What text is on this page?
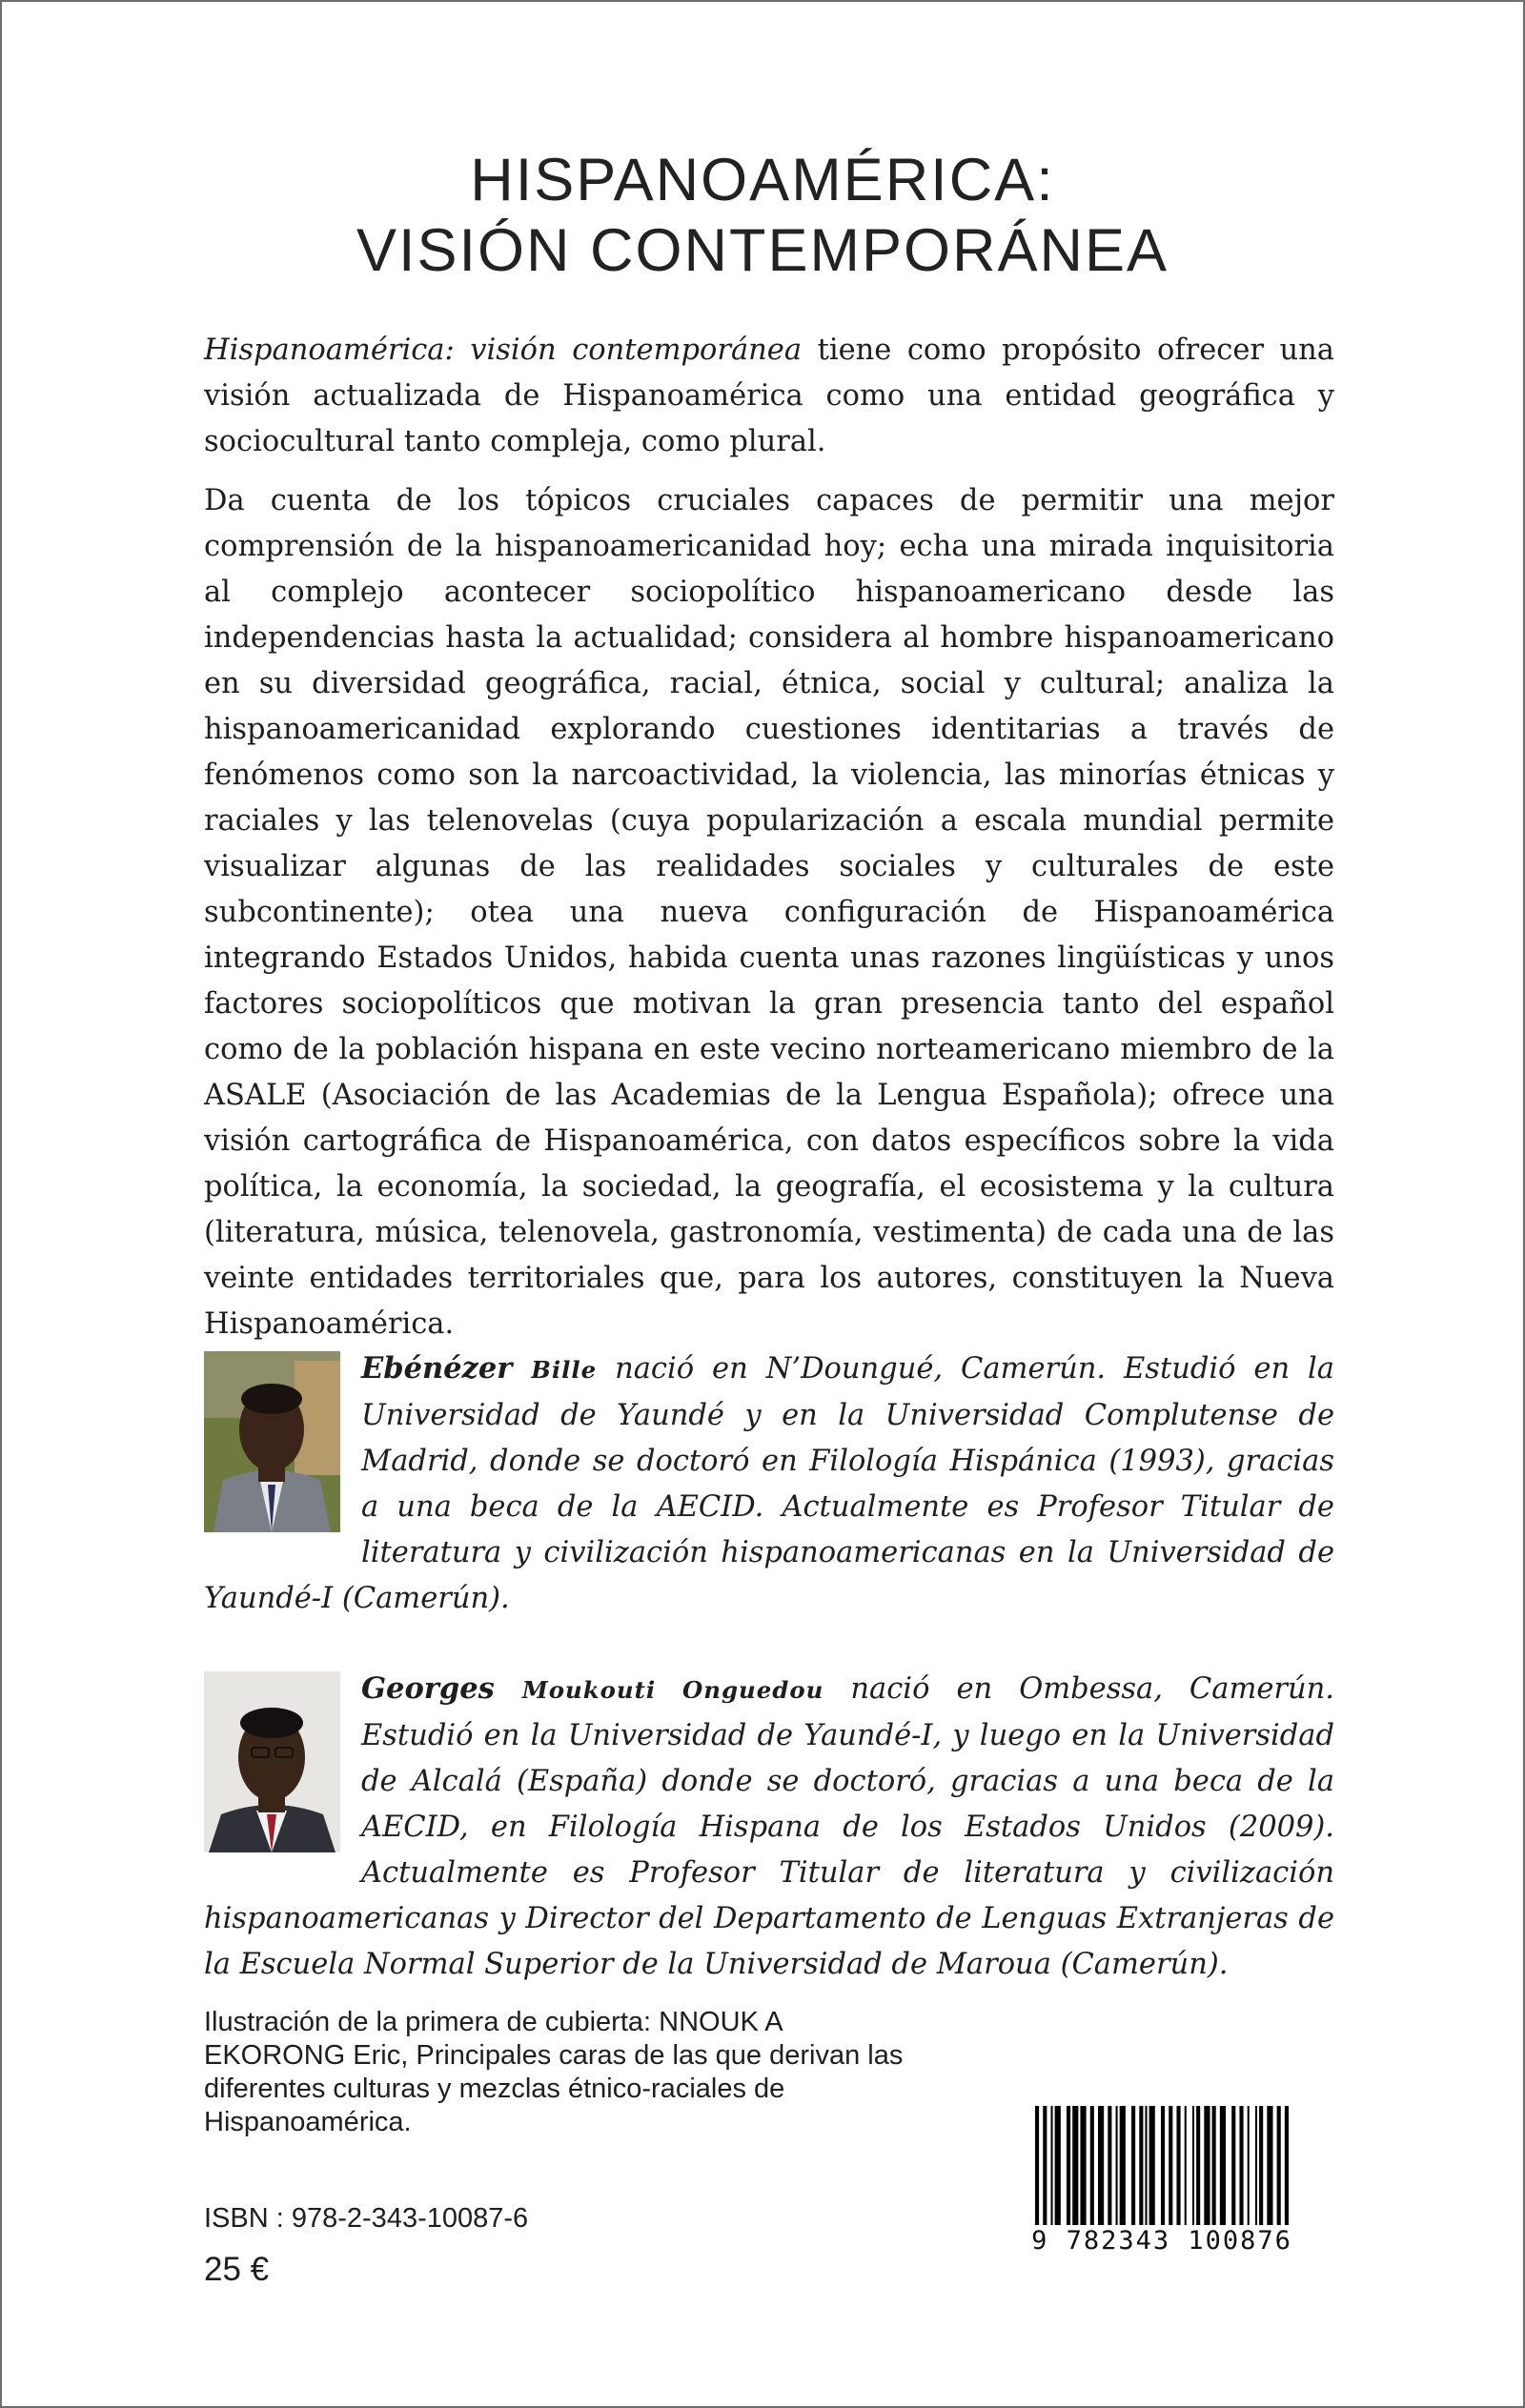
HISPANOAMÉRICA:
VISIÓN CONTEMPORÁNEA

Hispanoamérica: visión contemporánea tiene como propósito ofrecer una visión actualizada de Hispanoamérica como una entidad geográfica y sociocultural tanto compleja, como plural.

Da cuenta de los tópicos cruciales capaces de permitir una mejor comprensión de la hispanoamericanidad hoy; echa una mirada inquisitoria al complejo acontecer sociopolítico hispanoamericano desde las independencias hasta la actualidad; considera al hombre hispanoamericano en su diversidad geográfica, racial, étnica, social y cultural; analiza la hispanoamericanidad explorando cuestiones identitarias a través de fenómenos como son la narcoactividad, la violencia, las minorías étnicas y raciales y las telenovelas (cuya popularización a escala mundial permite visualizar algunas de las realidades sociales y culturales de este subcontinente); otea una nueva configuración de Hispanoamérica integrando Estados Unidos, habida cuenta unas razones lingüísticas y unos factores sociopolíticos que motivan la gran presencia tanto del español como de la población hispana en este vecino norteamericano miembro de la ASALE (Asociación de las Academias de la Lengua Española); ofrece una visión cartográfica de Hispanoamérica, con datos específicos sobre la vida política, la economía, la sociedad, la geografía, el ecosistema y la cultura (literatura, música, telenovela, gastronomía, vestimenta) de cada una de las veinte entidades territoriales que, para los autores, constituyen la Nueva Hispanoamérica.

Ebénézer Bille nació en N’Doungué, Camerún. Estudió en la Universidad de Yaundé y en la Universidad Complutense de Madrid, donde se doctoró en Filología Hispánica (1993), gracias a una beca de la AECID. Actualmente es Profesor Titular de literatura y civilización hispanoamericanas en la Universidad de Yaundé-I (Camerún).
Georges Moukouti Onguedou nació en Ombessa, Camerún. Estudió en la Universidad de Yaundé-I, y luego en la Universidad de Alcalá (España) donde se doctoró, gracias a una beca de la AECID, en Filología Hispana de los Estados Unidos (2009). Actualmente es Profesor Titular de literatura y civilización hispanoamericanas y Director del Departamento de Lenguas Extranjeras de la Escuela Normal Superior de la Universidad de Maroua (Camerún).
Ilustración de la primera de cubierta: NNOUK A EKORONG Eric, Principales caras de las que derivan las diferentes culturas y mezclas étnico-raciales de Hispanoamérica.
ISBN : 978-2-343-10087-6
25 €
9 782343 100876
